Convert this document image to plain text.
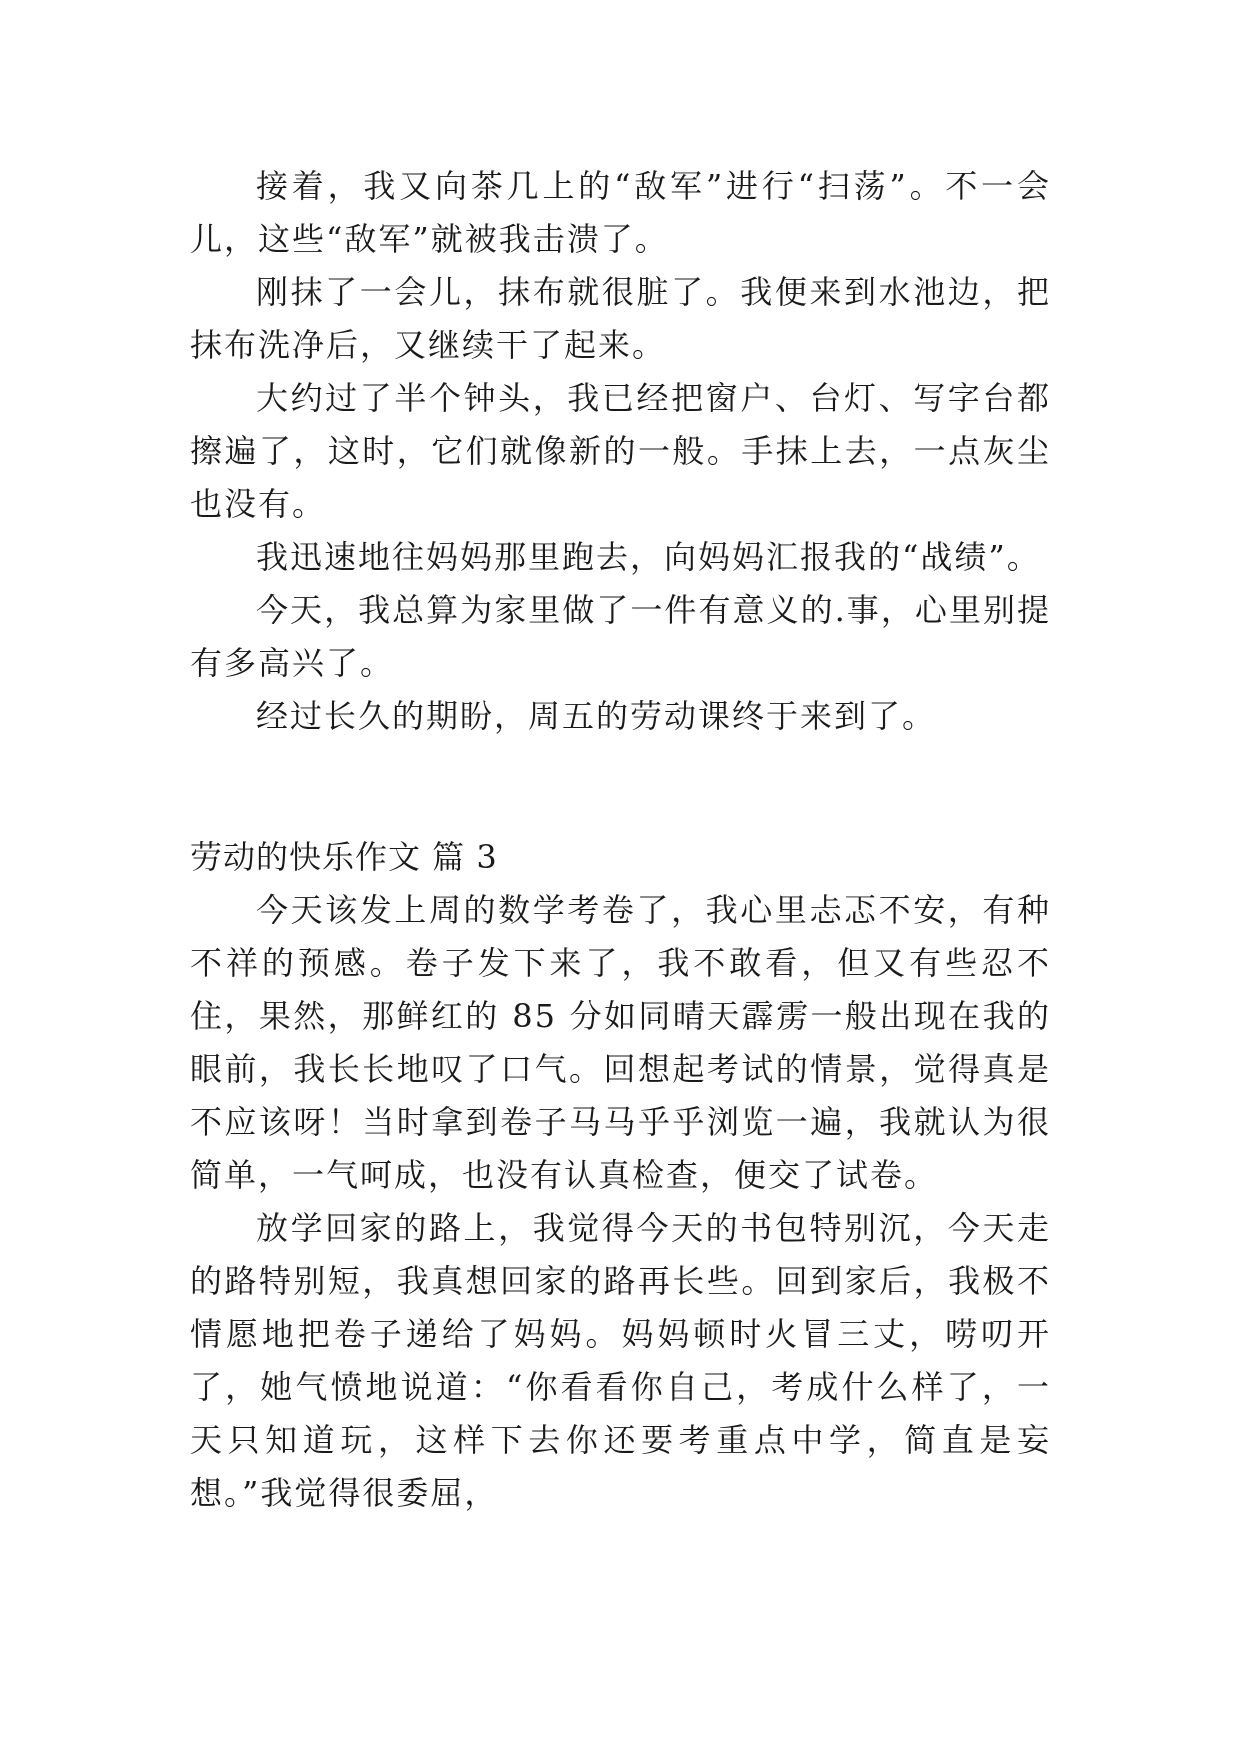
接着，我又向茶几上的“敌军”进行“扫荡”。不一会儿，这些“敌军”就被我击溃了。

刚抹了一会儿，抹布就很脏了。我便来到水池边，把抹布洗净后，又继续干了起来。

大约过了半个钟头，我已经把窗户、台灯、写字台都擦遍了，这时，它们就像新的一般。手抹上去，一点灰尘也没有。

我迅速地往妈妈那里跑去，向妈妈汇报我的“战绩”。

今天，我总算为家里做了一件有意义的.事，心里别提有多高兴了。

经过长久的期盼，周五的劳动课终于来到了。

劳动的快乐作文 篇 3

今天该发上周的数学考卷了，我心里忐忑不安，有种不祥的预感。卷子发下来了，我不敢看，但又有些忍不住，果然，那鲜红的 85 分如同晴天霹雳一般出现在我的眼前，我长长地叹了口气。回想起考试的情景，觉得真是不应该呀！当时拿到卷子马马乎乎浏览一遍，我就认为很简单，一气呵成，也没有认真检查，便交了试卷。

放学回家的路上，我觉得今天的书包特别沉，今天走的路特别短，我真想回家的路再长些。回到家后，我极不情愿地把卷子递给了妈妈。妈妈顿时火冒三丈，唠叨开了，她气愤地说道：“你看看你自己，考成什么样了，一天只知道玩，这样下去你还要考重点中学，简直是妄想。”我觉得很委屈，
